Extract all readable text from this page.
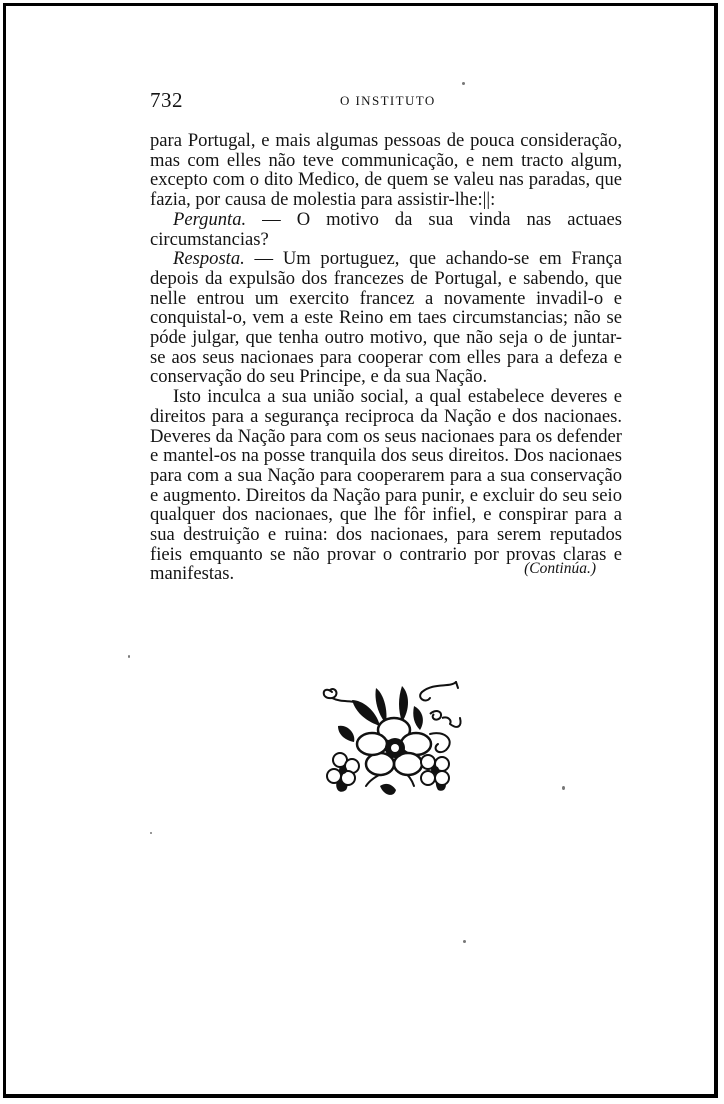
732	O INSTITUTO

para Portugal, e mais algumas pessoas de pouca consideração, mas com elles não teve communicação, e nem tracto algum, excepto com o dito Medico, de quem se valeu nas paradas, que fazia, por causa de molestia para assistir-lhe:||:

Pergunta. — O motivo da sua vinda nas actuaes circumstancias?

Resposta. — Um portuguez, que achando-se em França depois da expulsão dos francezes de Portugal, e sabendo, que nelle entrou um exercito francez a novamente invadil-o e conquistal-o, vem a este Reino em taes circumstancias; não se póde julgar, que tenha outro motivo, que não seja o de juntar-se aos seus nacionaes para cooperar com elles para a defeza e conservação do seu Principe, e da sua Nação.

Isto inculca a sua união social, a qual estabelece deveres e direitos para a segurança reciproca da Nação e dos nacionaes. Deveres da Nação para com os seus nacionaes para os defender e mantel-os na posse tranquila dos seus direitos. Dos nacionaes para com a sua Nação para cooperarem para a sua conservação e augmento. Direitos da Nação para punir, e excluir do seu seio qualquer dos nacionaes, que lhe fôr infiel, e conspirar para a sua destruição e ruina: dos nacionaes, para serem reputados fieis emquanto se não provar o contrario por provas claras e manifestas.	(Continúa.)
